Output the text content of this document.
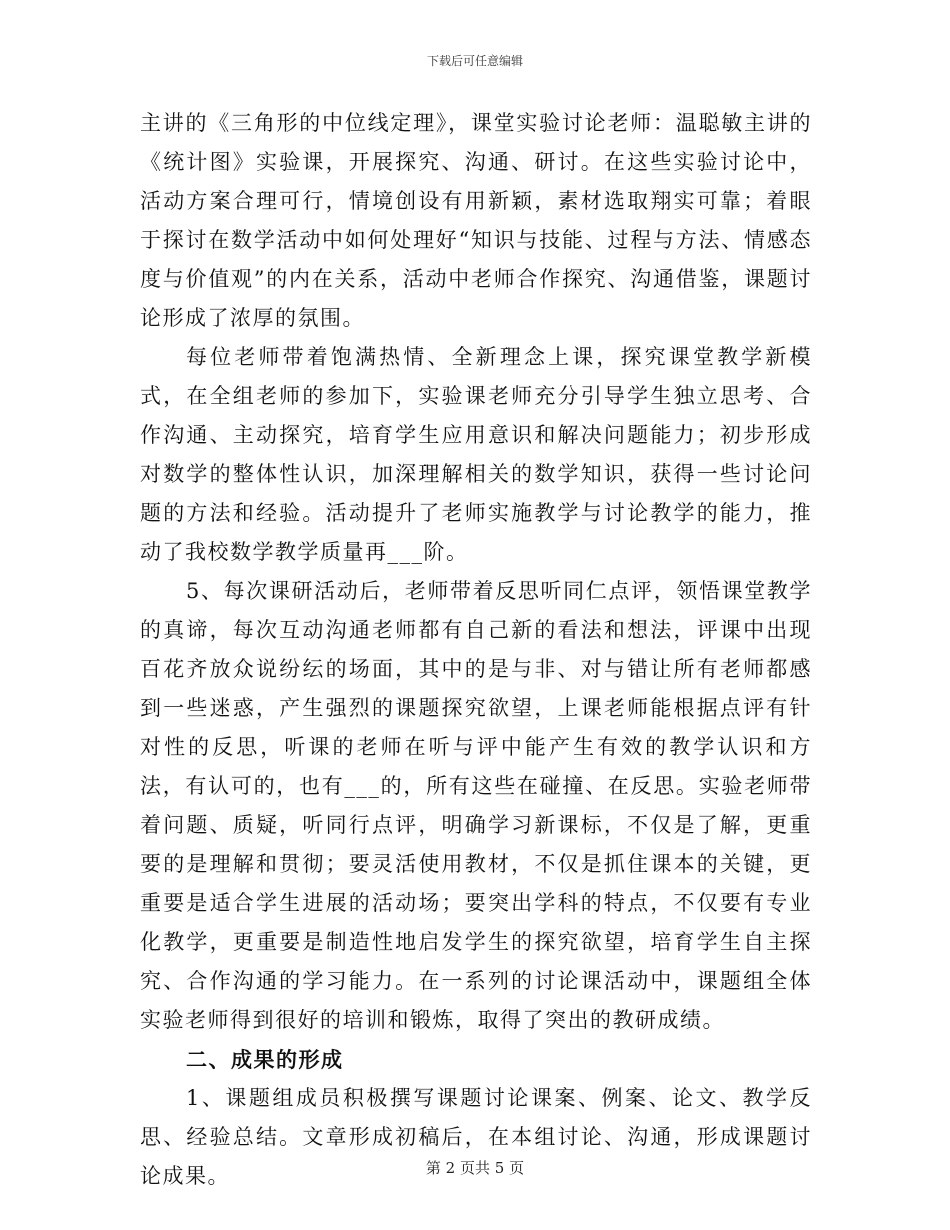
下载后可任意编辑

主讲的《三角形的中位线定理》，课堂实验讨论老师：温聪敏主讲的《统计图》实验课，开展探究、沟通、研讨。在这些实验讨论中，活动方案合理可行，情境创设有用新颖，素材选取翔实可靠；着眼于探讨在数学活动中如何处理好“知识与技能、过程与方法、情感态度与价值观”的内在关系，活动中老师合作探究、沟通借鉴，课题讨论形成了浓厚的氛围。

每位老师带着饱满热情、全新理念上课，探究课堂教学新模式，在全组老师的参加下，实验课老师充分引导学生独立思考、合作沟通、主动探究，培育学生应用意识和解决问题能力；初步形成对数学的整体性认识，加深理解相关的数学知识，获得一些讨论问题的方法和经验。活动提升了老师实施教学与讨论教学的能力，推动了我校数学教学质量再___阶。

5、每次课研活动后，老师带着反思听同仁点评，领悟课堂教学的真谛，每次互动沟通老师都有自己新的看法和想法，评课中出现百花齐放众说纷纭的场面，其中的是与非、对与错让所有老师都感到一些迷惑，产生强烈的课题探究欲望，上课老师能根据点评有针对性的反思，听课的老师在听与评中能产生有效的教学认识和方法，有认可的，也有___的，所有这些在碰撞、在反思。实验老师带着问题、质疑，听同行点评，明确学习新课标，不仅是了解，更重要的是理解和贯彻；要灵活使用教材，不仅是抓住课本的关键，更重要是适合学生进展的活动场；要突出学科的特点，不仅要有专业化教学，更重要是制造性地启发学生的探究欲望，培育学生自主探究、合作沟通的学习能力。在一系列的讨论课活动中，课题组全体实验老师得到很好的培训和锻炼，取得了突出的教研成绩。

二、成果的形成

1、课题组成员积极撰写课题讨论课案、例案、论文、教学反思、经验总结。文章形成初稿后，在本组讨论、沟通，形成课题讨论成果。	第 2 页共 5 页
